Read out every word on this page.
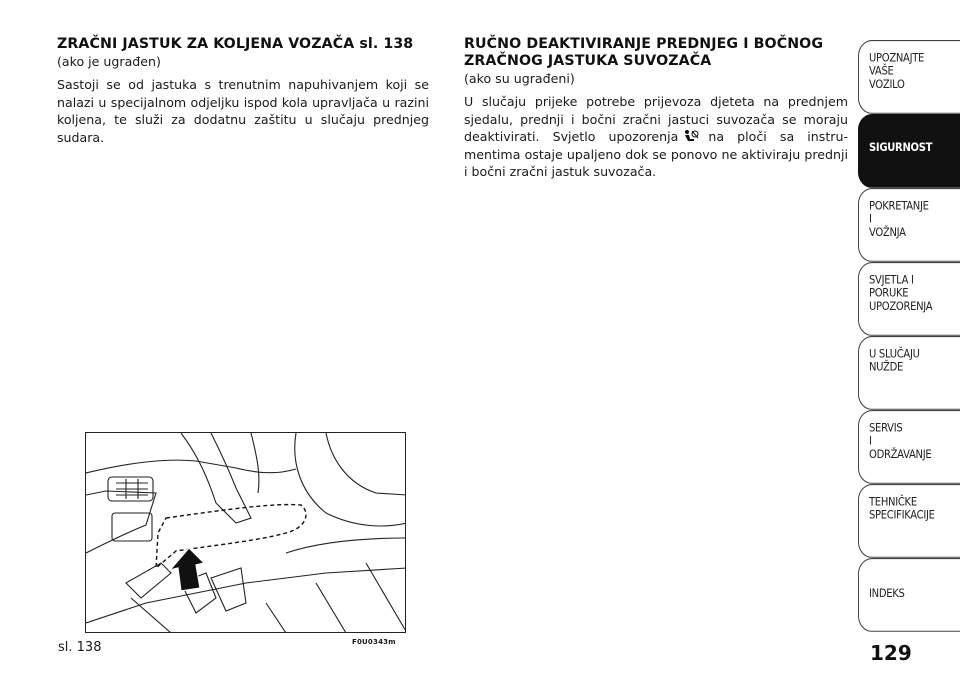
ZRAČNI JASTUK ZA KOLJENA VOZAČA sl. 138
(ako je ugrađen)

Sastoji se od jastuka s trenutnim napuhivanjem koji se nalazi u specijalnom odjeljku ispod kola upravljača u razini koljena, te služi za dodatnu zaštitu u slučaju prednjeg sudara.

RUČNO DEAKTIVIRANJE PREDNJEG I BOČNOG
ZRAČNOG JASTUKA SUVOZAČA
(ako su ugrađeni)

U slučaju prijeke potrebe prijevoza djeteta na prednjem sjedalu, prednji i bočni zračni jastuci suvozača se moraju deaktivirati. Svjetlo upozorenja na ploči sa instru-mentima ostaje upaljeno dok se ponovo ne aktiviraju prednji i bočni zračni jastuk suvozača.

F0U0343m
sl. 138	129
UPOZNAJTE
VAŠE
VOZILO
SIGURNOST
POKRETANJE
I
VOŽNJA
SVJETLA I
PORUKE
UPOZORENJA
U SLUČAJU
NUŽDE
SERVIS
I
ODRŽAVANJE
TEHNIČKE
SPECIFIKACIJE
INDEKS
